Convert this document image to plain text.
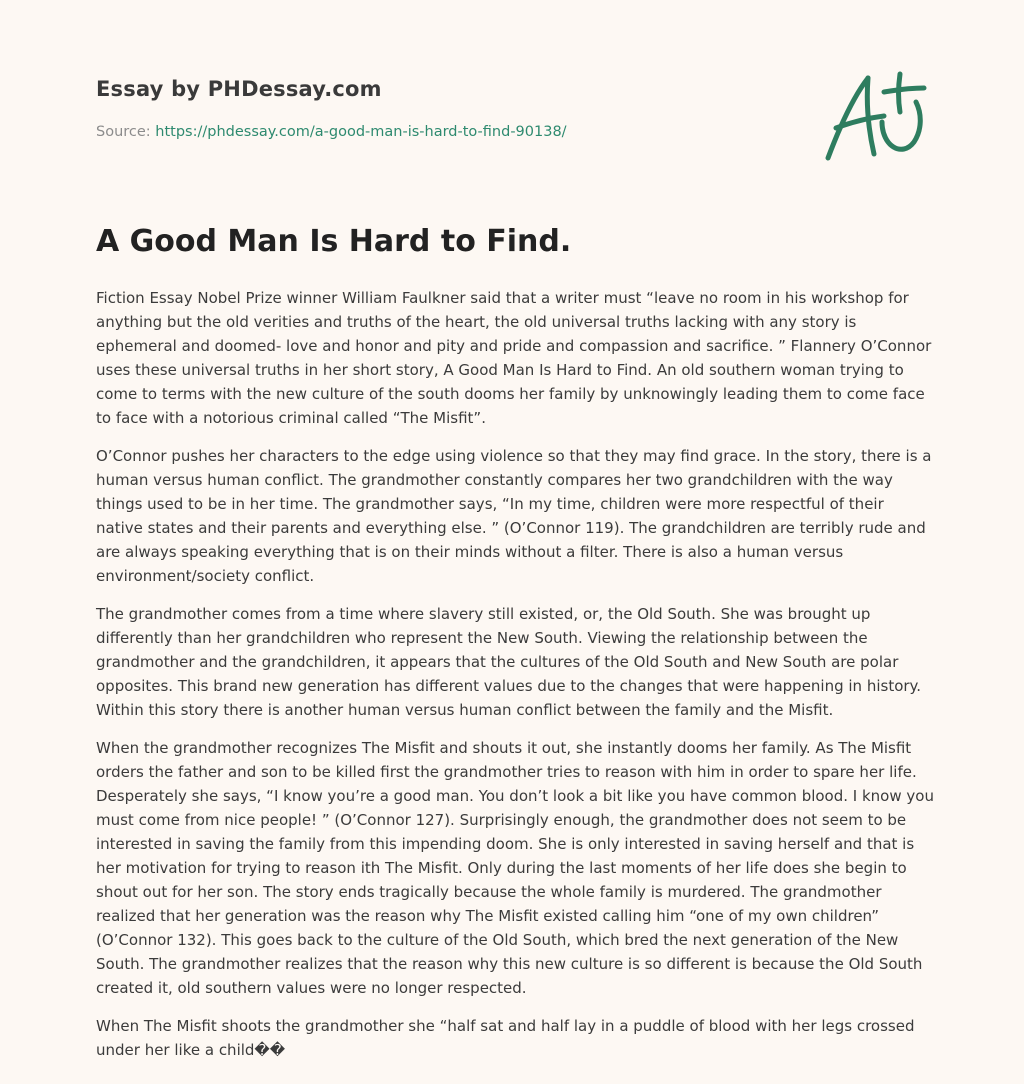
Essay by PHDessay.com
Source: https://phdessay.com/a-good-man-is-hard-to-find-90138/
A Good Man Is Hard to Find.

Fiction Essay Nobel Prize winner William Faulkner said that a writer must “leave no room in his workshop for anything but the old verities and truths of the heart, the old universal truths lacking with any story is ephemeral and doomed- love and honor and pity and pride and compassion and sacrifice. ” Flannery O’Connor uses these universal truths in her short story, A Good Man Is Hard to Find. An old southern woman trying to come to terms with the new culture of the south dooms her family by unknowingly leading them to come face to face with a notorious criminal called “The Misfit”.

O’Connor pushes her characters to the edge using violence so that they may find grace. In the story, there is a human versus human conflict. The grandmother constantly compares her two grandchildren with the way things used to be in her time. The grandmother says, “In my time, children were more respectful of their native states and their parents and everything else. ” (O’Connor 119). The grandchildren are terribly rude and are always speaking everything that is on their minds without a filter. There is also a human versus environment/society conflict.

The grandmother comes from a time where slavery still existed, or, the Old South. She was brought up differently than her grandchildren who represent the New South. Viewing the relationship between the grandmother and the grandchildren, it appears that the cultures of the Old South and New South are polar opposites. This brand new generation has different values due to the changes that were happening in history. Within this story there is another human versus human conflict between the family and the Misfit.

When the grandmother recognizes The Misfit and shouts it out, she instantly dooms her family. As The Misfit orders the father and son to be killed first the grandmother tries to reason with him in order to spare her life. Desperately she says, “I know you’re a good man. You don’t look a bit like you have common blood. I know you must come from nice people! ” (O’Connor 127). Surprisingly enough, the grandmother does not seem to be interested in saving the family from this impending doom. She is only interested in saving herself and that is her motivation for trying to reason ith The Misfit. Only during the last moments of her life does she begin to shout out for her son. The story ends tragically because the whole family is murdered. The grandmother realized that her generation was the reason why The Misfit existed calling him “one of my own children” (O’Connor 132). This goes back to the culture of the Old South, which bred the next generation of the New South. The grandmother realizes that the reason why this new culture is so different is because the Old South created it, old southern values were no longer respected.

When The Misfit shoots the grandmother she “half sat and half lay in a puddle of blood with her legs crossed under her like a child��
